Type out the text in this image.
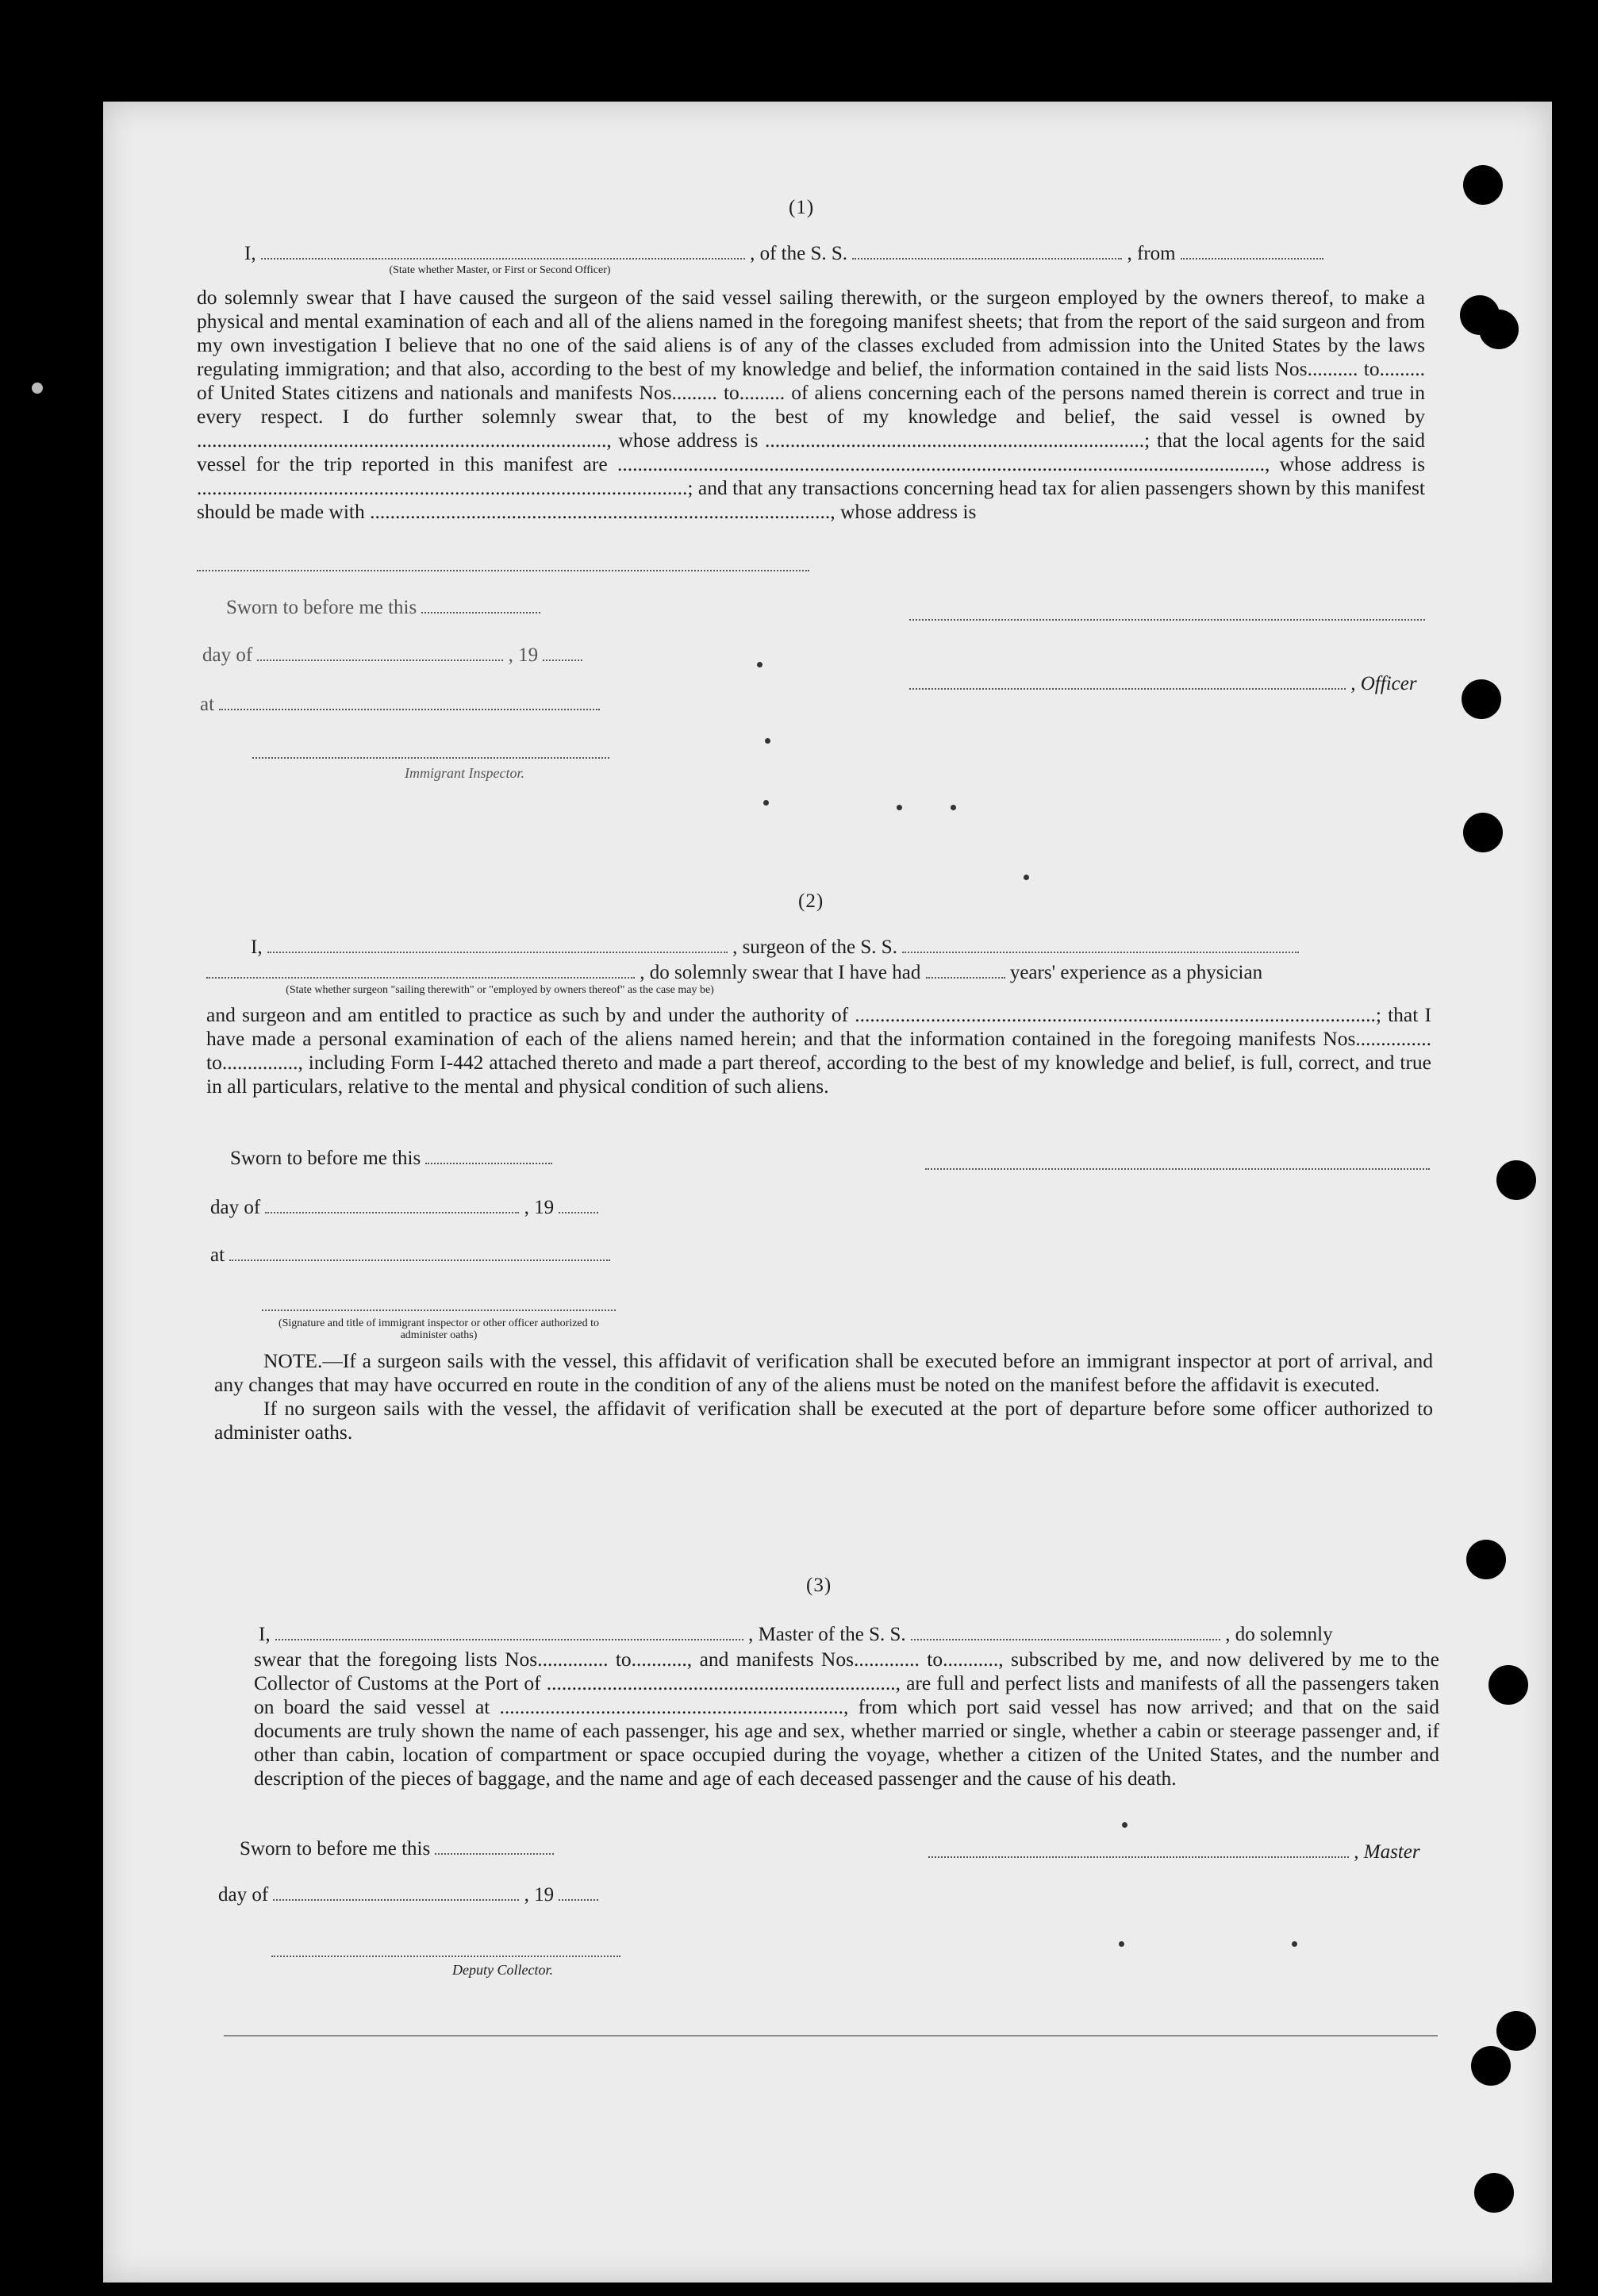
(1)
I,	, of the S. S.	, from
(State whether Master, or First or Second Officer)

do solemnly swear that I have caused the surgeon of the said vessel sailing therewith, or the surgeon employed by the owners thereof, to make a physical and mental examination of each and all of the aliens named in the foregoing manifest sheets; that from the report of the said surgeon and from my own investigation I believe that no one of the said aliens is of any of the classes excluded from admission into the United States by the laws regulating immigration; and that also, according to the best of my knowledge and belief, the information contained in the said lists Nos.......... to......... of United States citizens and nationals and manifests Nos......... to......... of aliens concerning each of the persons named therein is correct and true in every respect. I do further solemnly swear that, to the best of my knowledge and belief, the said vessel is owned by ................................................................................., whose address is ...........................................................................; that the local agents for the said vessel for the trip reported in this manifest are ................................................................................................................................, whose address is .................................................................................................; and that any transactions concerning head tax for alien passengers shown by this manifest should be made with ..........................................................................................., whose address is

Sworn to before me this
day of	, 19
, Officer
at
Immigrant Inspector.
(2)
I,	, surgeon of the S. S.
, do solemnly swear that I have had	years' experience as a physician
(State whether surgeon "sailing therewith" or "employed by owners thereof" as the case may be)
and surgeon and am entitled to practice as such by and under the authority of .......................................................................................................; that I have made a personal examination of each of the aliens named herein; and that the information contained in the foregoing manifests Nos............... to..............., including Form I-442 attached thereto and made a part thereof, according to the best of my knowledge and belief, is full, correct, and true in all particulars, relative to the mental and physical condition of such aliens.
Sworn to before me this
day of	, 19
at
(Signature and title of immigrant inspector or other officer authorized to administer oaths)

NOTE.—If a surgeon sails with the vessel, this affidavit of verification shall be executed before an immigrant inspector at port of arrival, and any changes that may have occurred en route in the condition of any of the aliens must be noted on the manifest before the affidavit is executed.

If no surgeon sails with the vessel, the affidavit of verification shall be executed at the port of departure before some officer authorized to administer oaths.

(3)
I,	, Master of the S. S.	, do solemnly
swear that the foregoing lists Nos.............. to..........., and manifests Nos............. to..........., subscribed by me, and now delivered by me to the Collector of Customs at the Port of ....................................................................., are full and perfect lists and manifests of all the passengers taken on board the said vessel at ...................................................................., from which port said vessel has now arrived; and that on the said documents are truly shown the name of each passenger, his age and sex, whether married or single, whether a cabin or steerage passenger and, if other than cabin, location of compartment or space occupied during the voyage, whether a citizen of the United States, and the number and description of the pieces of baggage, and the name and age of each deceased passenger and the cause of his death.
Sworn to before me this	, Master
day of	, 19
Deputy Collector.
